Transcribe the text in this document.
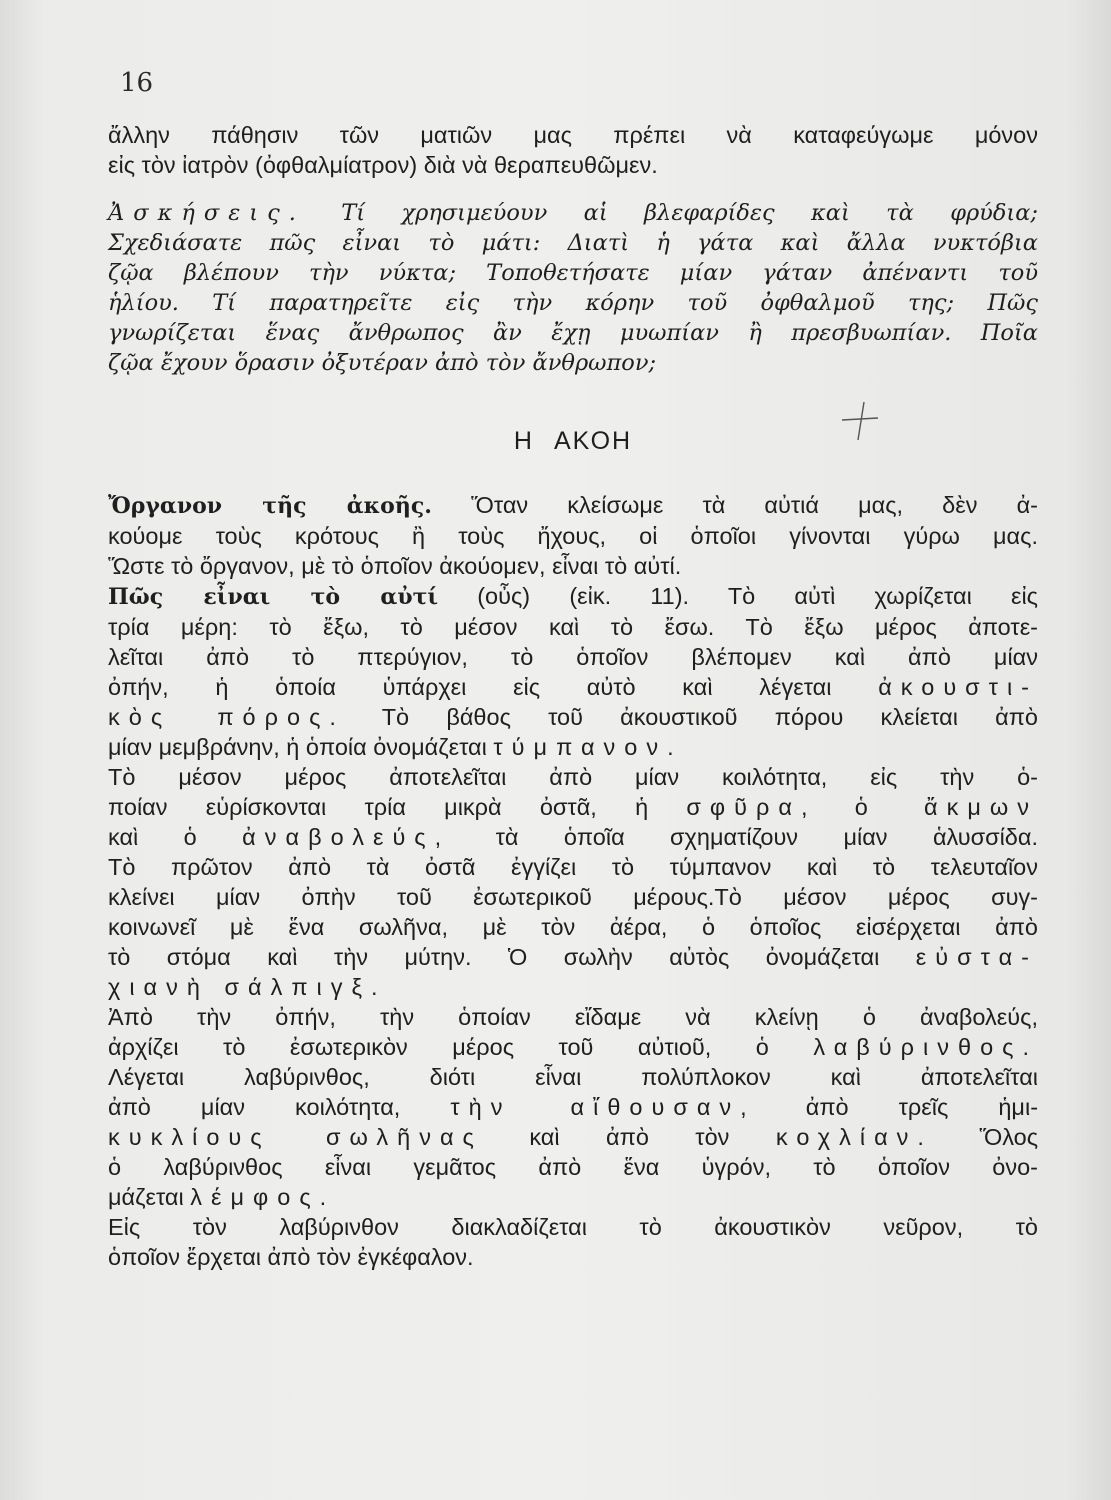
16
ἄλλην πάθησιν τῶν ματιῶν μας πρέπει νὰ καταφεύγωμε μόνον
εἰς τὸν ἰατρὸν (ὀφθαλμίατρον) διὰ νὰ θεραπευθῶμεν.
Ἀσκήσεις. Τί χρησιμεύουν αἱ βλεφαρίδες καὶ τὰ φρύδια;
Σχεδιάσατε πῶς εἶναι τὸ μάτι: Διατὶ ἡ γάτα καὶ ἄλλα νυκτόβια
ζῷα βλέπουν τὴν νύκτα; Τοποθετήσατε μίαν γάταν ἀπέναντι τοῦ
ἡλίου. Τί παρατηρεῖτε εἰς τὴν κόρην τοῦ ὀφθαλμοῦ της; Πῶς
γνωρίζεται ἕνας ἄνθρωπος ἂν ἔχῃ μυωπίαν ἢ πρεσβυωπίαν. Ποῖα
ζῷα ἔχουν ὅρασιν ὀξυτέραν ἀπὸ τὸν ἄνθρωπον;
Η ΑΚΟΗ
Ὄργανον τῆς ἀκοῆς. Ὅταν κλείσωμε τὰ αὐτιά μας, δὲν ἀ-
κούομε τοὺς κρότους ἢ τοὺς ἤχους, οἱ ὁποῖοι γίνονται γύρω μας.
Ὥστε τὸ ὄργανον, μὲ τὸ ὁποῖον ἀκούομεν, εἶναι τὸ αὐτί.
Πῶς εἶναι τὸ αὐτί (οὖς) (εἰκ. 11). Τὸ αὐτὶ χωρίζεται εἰς
τρία μέρη: τὸ ἔξω, τὸ μέσον καὶ τὸ ἔσω. Τὸ ἔξω μέρος ἀποτε-
λεῖται ἀπὸ τὸ πτερύγιον, τὸ ὁποῖον βλέπομεν καὶ ἀπὸ μίαν
ὀπήν, ἡ ὁποία ὑπάρχει εἰς αὐτὸ καὶ λέγεται ἀκουστι-
κὸς πόρος. Τὸ βάθος τοῦ ἀκουστικοῦ πόρου κλείεται ἀπὸ
μίαν μεμβράνην, ἡ ὁποία ὀνομάζεται τύμπανον.
Τὸ μέσον μέρος ἀποτελεῖται ἀπὸ μίαν κοιλότητα, εἰς τὴν ὁ-
ποίαν εὑρίσκονται τρία μικρὰ ὀστᾶ, ἡ σφῦρα, ὁ ἄκμων
καὶ ὁ ἀναβολεύς, τὰ ὁποῖα σχηματίζουν μίαν ἁλυσσίδα.
Τὸ πρῶτον ἀπὸ τὰ ὀστᾶ ἐγγίζει τὸ τύμπανον καὶ τὸ τελευταῖον
κλείνει μίαν ὀπὴν τοῦ ἐσωτερικοῦ μέρους.Τὸ μέσον μέρος συγ-
κοινωνεῖ μὲ ἕνα σωλῆνα, μὲ τὸν ἀέρα, ὁ ὁποῖος εἰσέρχεται ἀπὸ
τὸ στόμα καὶ τὴν μύτην. Ὁ σωλὴν αὐτὸς ὀνομάζεται εὐστα-
χιανὴ σάλπιγξ.
Ἀπὸ τὴν ὀπήν, τὴν ὁποίαν εἴδαμε νὰ κλείνῃ ὁ ἀναβολεύς,
ἀρχίζει τὸ ἐσωτερικὸν μέρος τοῦ αὐτιοῦ, ὁ λαβύρινθος.
Λέγεται λαβύρινθος, διότι εἶναι πολύπλοκον καὶ ἀποτελεῖται
ἀπὸ μίαν κοιλότητα, τὴν αἴθουσαν, ἀπὸ τρεῖς ἡμι-
κυκλίους σωλῆνας καὶ ἀπὸ τὸν κοχλίαν. Ὅλος
ὁ λαβύρινθος εἶναι γεμᾶτος ἀπὸ ἕνα ὑγρόν, τὸ ὁποῖον ὀνο-
μάζεται λέμφος.
Εἰς τὸν λαβύρινθον διακλαδίζεται τὸ ἀκουστικὸν νεῦρον, τὸ
ὁποῖον ἔρχεται ἀπὸ τὸν ἐγκέφαλον.
